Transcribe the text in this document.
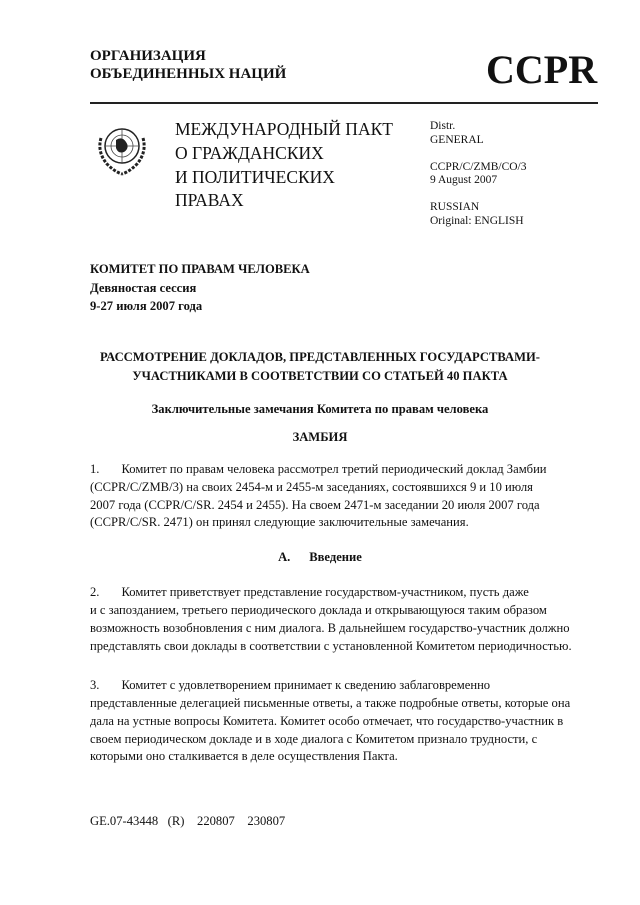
ОРГАНИЗАЦИЯ
ОБЪЕДИНЕННЫХ НАЦИЙ	CCPR
МЕЖДУНАРОДНЫЙ ПАКТ
О ГРАЖДАНСКИХ
И ПОЛИТИЧЕСКИХ
ПРАВАХ
Distr.
GENERAL
CCPR/C/ZMB/CO/3
9 August 2007
RUSSIAN
Original: ENGLISH
КОМИТЕТ ПО ПРАВАМ ЧЕЛОВЕКА
Девяностая сессия
9-27 июля 2007 года
РАССМОТРЕНИЕ ДОКЛАДОВ, ПРЕДСТАВЛЕННЫХ ГОСУДАРСТВАМИ-
УЧАСТНИКАМИ В СООТВЕТСТВИИ СО СТАТЬЕЙ 40 ПАКТА
Заключительные замечания Комитета по правам человека
ЗАМБИЯ
1.       Комитет по правам человека рассмотрел третий периодический доклад Замбии
(CCPR/C/ZMB/3) на своих 2454-м и 2455-м заседаниях, состоявшихся 9 и 10 июля
2007 года (CCPR/C/SR. 2454 и 2455). На своем 2471-м заседании 20 июля 2007 года
(CCPR/C/SR. 2471) он принял следующие заключительные замечания.
А.      Введение
2.       Комитет приветствует представление государством-участником, пусть даже
и с запозданием, третьего периодического доклада и открывающуюся таким образом
возможность возобновления с ним диалога. В дальнейшем государство-участник должно
представлять свои доклады в соответствии с установленной Комитетом периодичностью.
3.       Комитет с удовлетворением принимает к сведению заблаговременно
представленные делегацией письменные ответы, а также подробные ответы, которые она
дала на устные вопросы Комитета. Комитет особо отмечает, что государство-участник в
своем периодическом докладе и в ходе диалога с Комитетом признало трудности, с
которыми оно сталкивается в деле осуществления Пакта.
GE.07-43448   (R)    220807    230807
